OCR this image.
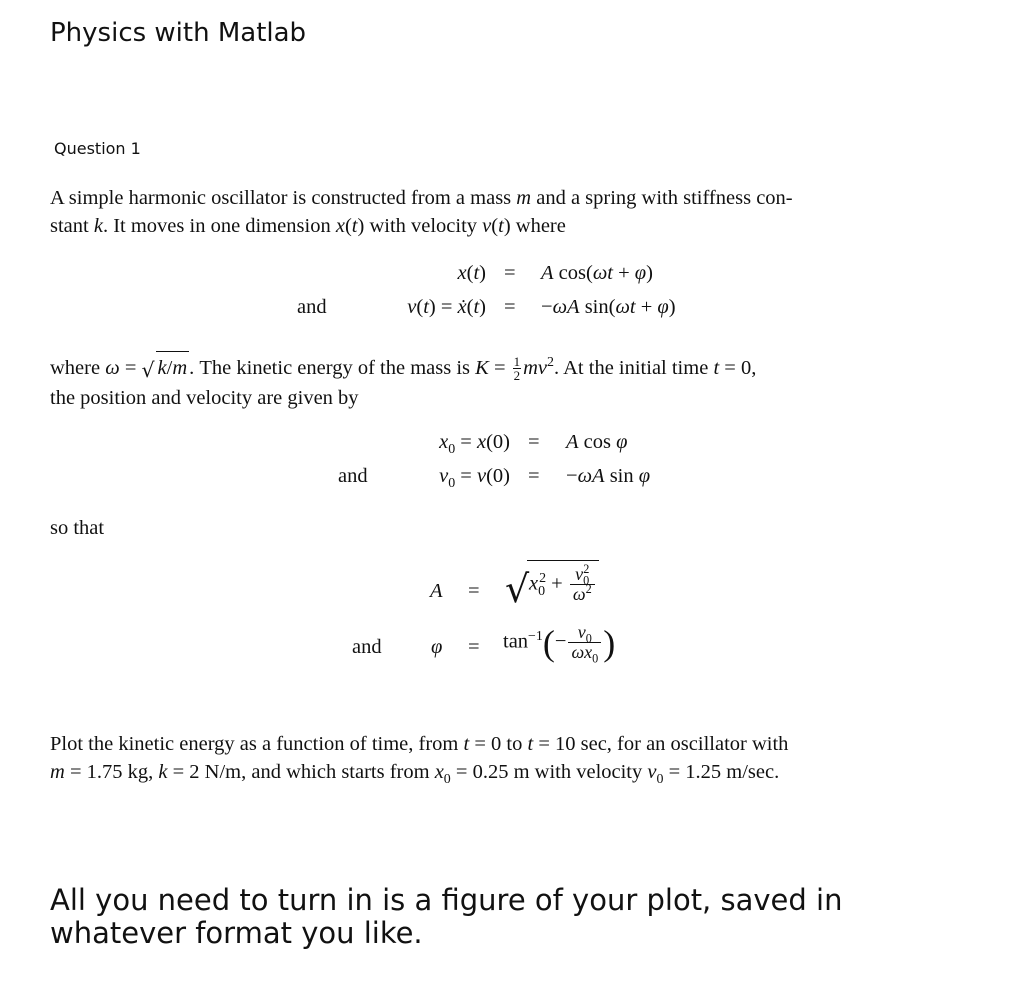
Physics with Matlab
Question 1
A simple harmonic oscillator is constructed from a mass m and a spring with stiffness con-
stant k. It moves in one dimension x(t) with velocity v(t) where
x(t) = A cos(ωt + φ)
and	v(t) = ẋ(t) = −ωA sin(ωt + φ)
where ω = √ k/m. The kinetic energy of the mass is $K = \frac{1}{2} mv^2$. At the initial time t = 0,
the position and velocity are given by
$x_0 = x(0) = A$ cos φ
and	$v_0 = v(0) = -\omega A$ sin φ
so that
A = √ $x_0^2 + \frac{v_0^2}{\omega^2}$
and $\varphi = \tan^{-1}(- \frac{v_0}{\omega x_0}$ )
Plot the kinetic energy as a function of time, from t = 0 to t = 10 sec, for an oscillator with
m = 1.75 kg, k = 2 N/m, and which starts from $x_0 = 0.25$ m with velocity $v_0 = 1.25$ m/sec.
All you need to turn in is a figure of your plot, saved in whatever format you like.
